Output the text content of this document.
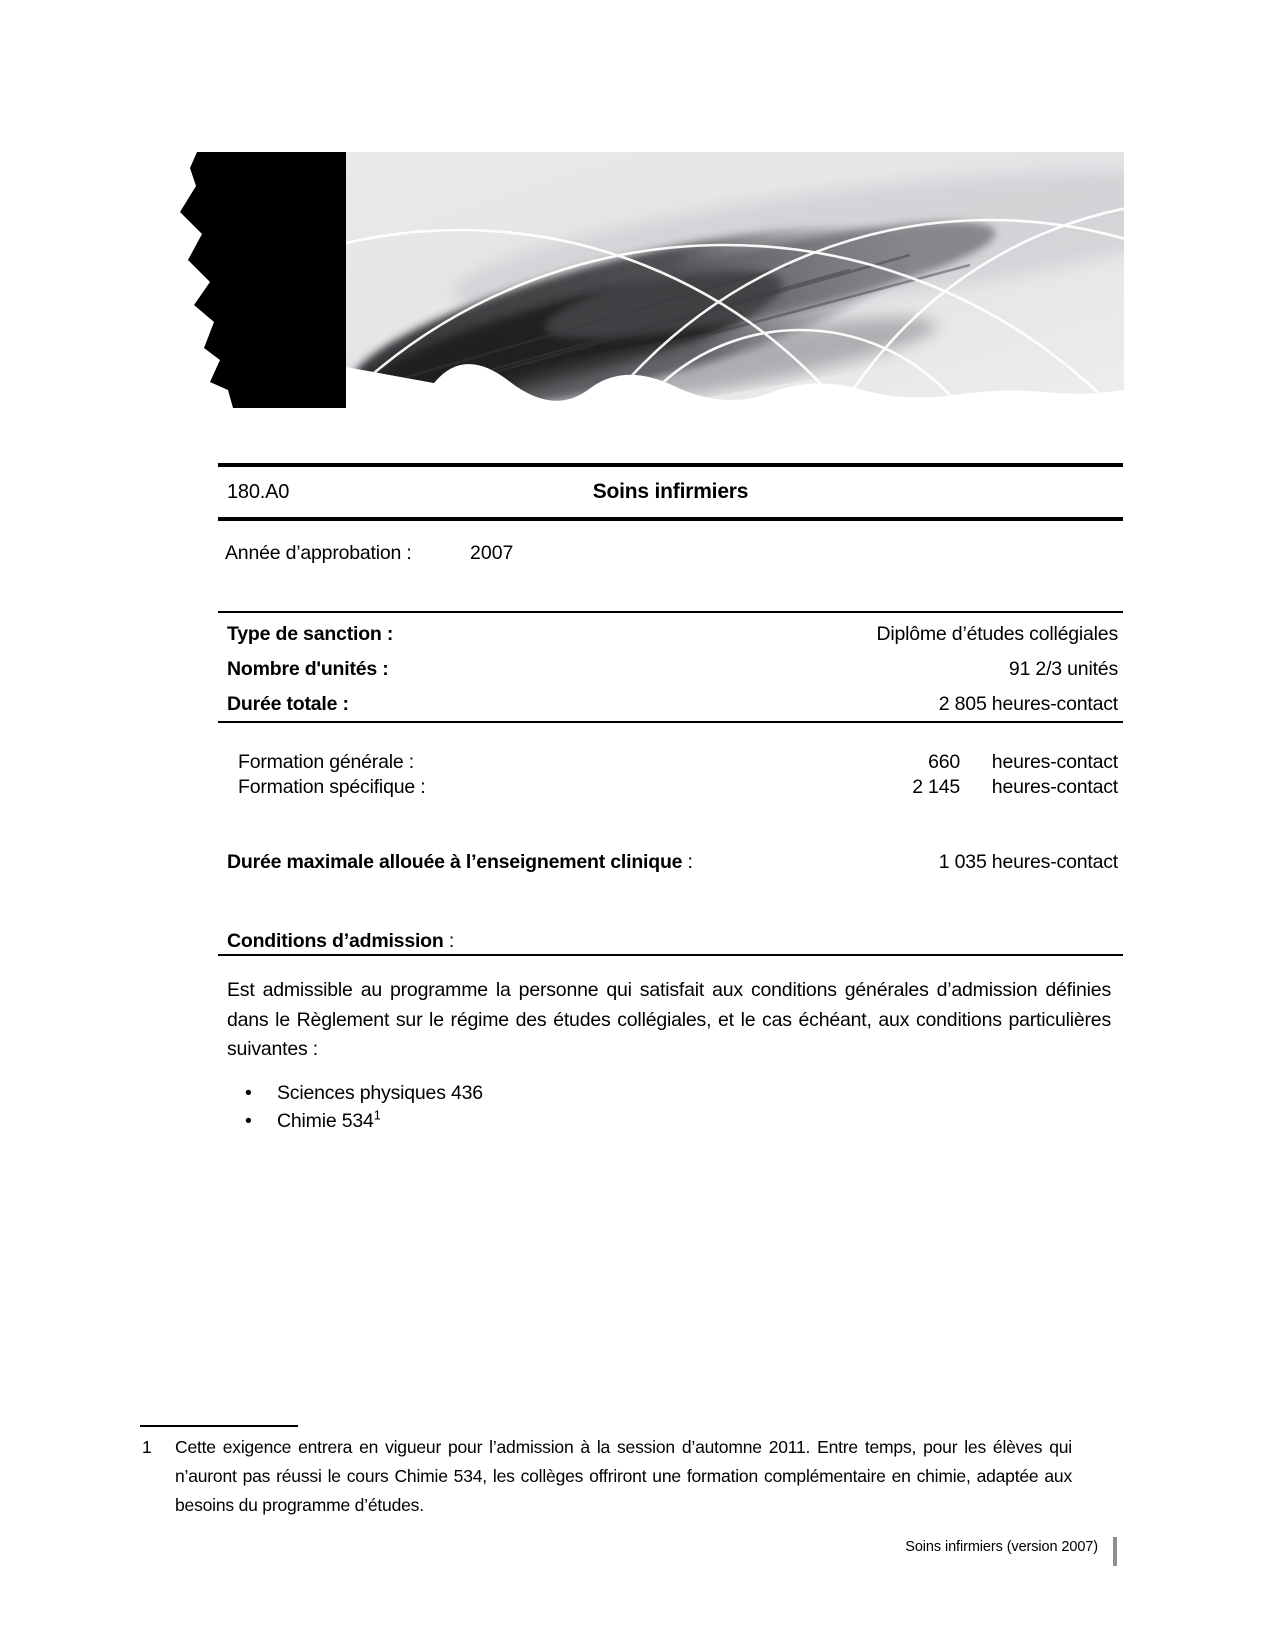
180.A0	Soins infirmiers
Année d’approbation :	2007
Type de sanction :	Diplôme d’études collégiales
Nombre d'unités :	91 2/3 unités
Durée totale :	2 805 heures-contact
Formation générale :	660 heures-contact
Formation spécifique :	2 145 heures-contact
Durée maximale allouée à l’enseignement clinique :	1 035 heures-contact
Conditions d’admission :
Est admissible au programme la personne qui satisfait aux conditions générales d’admission définies dans le Règlement sur le régime des études collégiales, et le cas échéant, aux conditions particulières suivantes :
• Sciences physiques 436
• Chimie $534^1$
1 Cette exigence entrera en vigueur pour l’admission à la session d’automne 2011. Entre temps, pour les élèves qui n’auront pas réussi le cours Chimie 534, les collèges offriront une formation complémentaire en chimie, adaptée aux besoins du programme d’études.
Soins infirmiers (version 2007)
